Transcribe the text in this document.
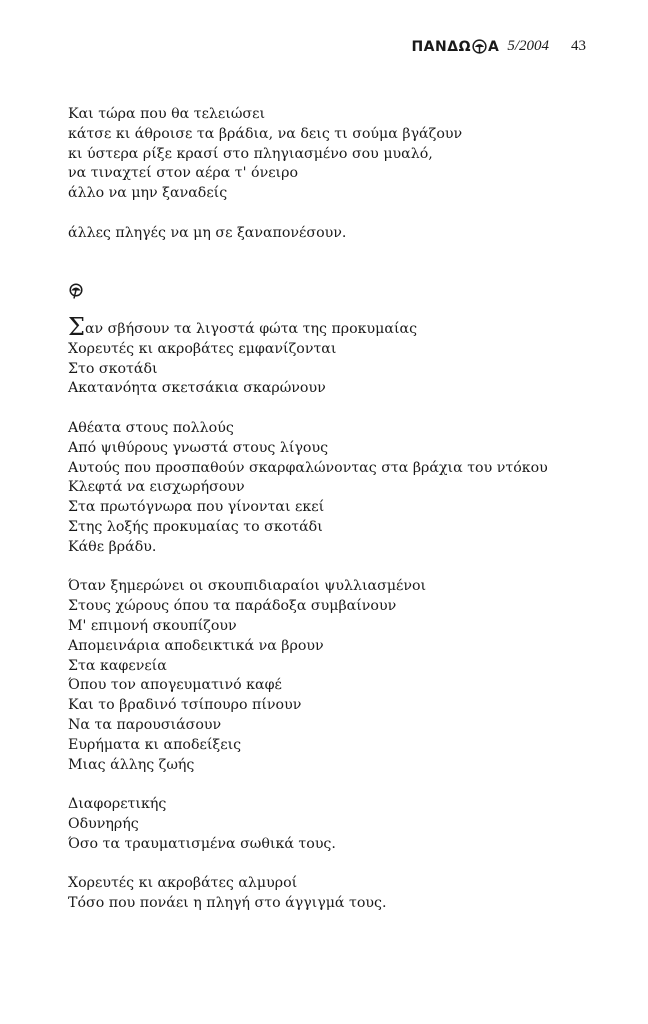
ΠΑΝΔΩ Α 5/2004 43
Και τώρα που θα τελειώσει
κάτσε κι άθροισε τα βράδια, να δεις τι σούμα βγάζουν
κι ύστερα ρίξε κρασί στο πληγιασμένο σου μυαλό,
να τιναχτεί στον αέρα τ' όνειρο
άλλο να μην ξαναδείς
άλλες πληγές να μη σε ξαναπονέσουν.
Σαν σβήσουν τα λιγοστά φώτα της προκυμαίας
Χορευτές κι ακροβάτες εμφανίζονται
Στο σκοτάδι
Ακατανόητα σκετσάκια σκαρώνουν
Αθέατα στους πολλούς
Από ψιθύρους γνωστά στους λίγους
Αυτούς που προσπαθούν σκαρφαλώνοντας στα βράχια του ντόκου
Κλεφτά να εισχωρήσουν
Στα πρωτόγνωρα που γίνονται εκεί
Στης λοξής προκυμαίας το σκοτάδι
Κάθε βράδυ.
Όταν ξημερώνει οι σκουπιδιαραίοι ψυλλιασμένοι
Στους χώρους όπου τα παράδοξα συμβαίνουν
Μ' επιμονή σκουπίζουν
Απομεινάρια αποδεικτικά να βρουν
Στα καφενεία
Όπου τον απογευματινό καφέ
Και το βραδινό τσίπουρο πίνουν
Να τα παρουσιάσουν
Ευρήματα κι αποδείξεις
Μιας άλλης ζωής
Διαφορετικής
Οδυνηρής
Όσο τα τραυματισμένα σωθικά τους.
Χορευτές κι ακροβάτες αλμυροί
Τόσο που πονάει η πληγή στο άγγιγμά τους.
